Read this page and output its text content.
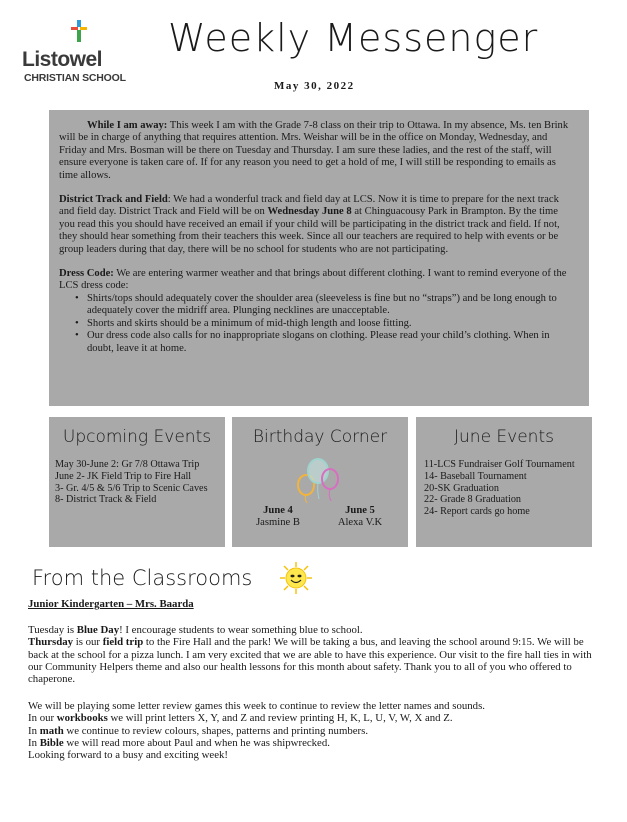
Listowel
CHRISTIAN SCHOOL
Weekly Messenger
May 30, 2022

While I am away: This week I am with the Grade 7-8 class on their trip to Ottawa. In my absence, Ms. ten Brink will be in charge of anything that requires attention. Mrs. Weishar will be in the office on Monday, Wednesday, and Friday and Mrs. Bosman will be there on Tuesday and Thursday. I am sure these ladies, and the rest of the staff, will ensure everyone is taken care of. If for any reason you need to get a hold of me, I will still be responding to emails as time allows.

District Track and Field: We had a wonderful track and field day at LCS. Now it is time to prepare for the next track and field day. District Track and Field will be on Wednesday June 8 at Chinguacousy Park in Brampton. By the time you read this you should have received an email if your child will be participating in the district track and field. If not, they should hear something from their teachers this week. Since all our teachers are required to help with events or be group leaders during that day, there will be no school for students who are not participating.

Dress Code: We are entering warmer weather and that brings about different clothing. I want to remind everyone of the LCS dress code:

• Shirts/tops should adequately cover the shoulder area (sleeveless is fine but no “straps”) and be long enough to adequately cover the midriff area. Plunging necklines are unacceptable.
• Shorts and skirts should be a minimum of mid-thigh length and loose fitting.
• Our dress code also calls for no inappropriate slogans on clothing. Please read your child’s clothing. When in doubt, leave it at home.
Upcoming Events
May 30-June 2: Gr 7/8 Ottawa Trip
June 2- JK Field Trip to Fire Hall
3- Gr. 4/5 & 5/6 Trip to Scenic Caves
8- District Track & Field
Birthday Corner
June 4
Jasmine B
June 5
Alexa V.K
June Events
11-LCS Fundraiser Golf Tournament
14- Baseball Tournament
20-SK Graduation
22- Grade 8 Graduation
24- Report cards go home
From the Classrooms
Junior Kindergarten – Mrs. Baarda

Tuesday is Blue Day! I encourage students to wear something blue to school.

Thursday is our field trip to the Fire Hall and the park! We will be taking a bus, and leaving the school around 9:15. We will be back at the school for a pizza lunch. I am very excited that we are able to have this experience. Our visit to the fire hall ties in with our Community Helpers theme and also our health lessons for this month about safety. Thank you to all of you who offered to chaperone.

We will be playing some letter review games this week to continue to review the letter names and sounds.

In our workbooks we will print letters X, Y, and Z and review printing H, K, L, U, V, W, X and Z.

In math we continue to review colours, shapes, patterns and printing numbers.

In Bible we will read more about Paul and when he was shipwrecked.

Looking forward to a busy and exciting week!
